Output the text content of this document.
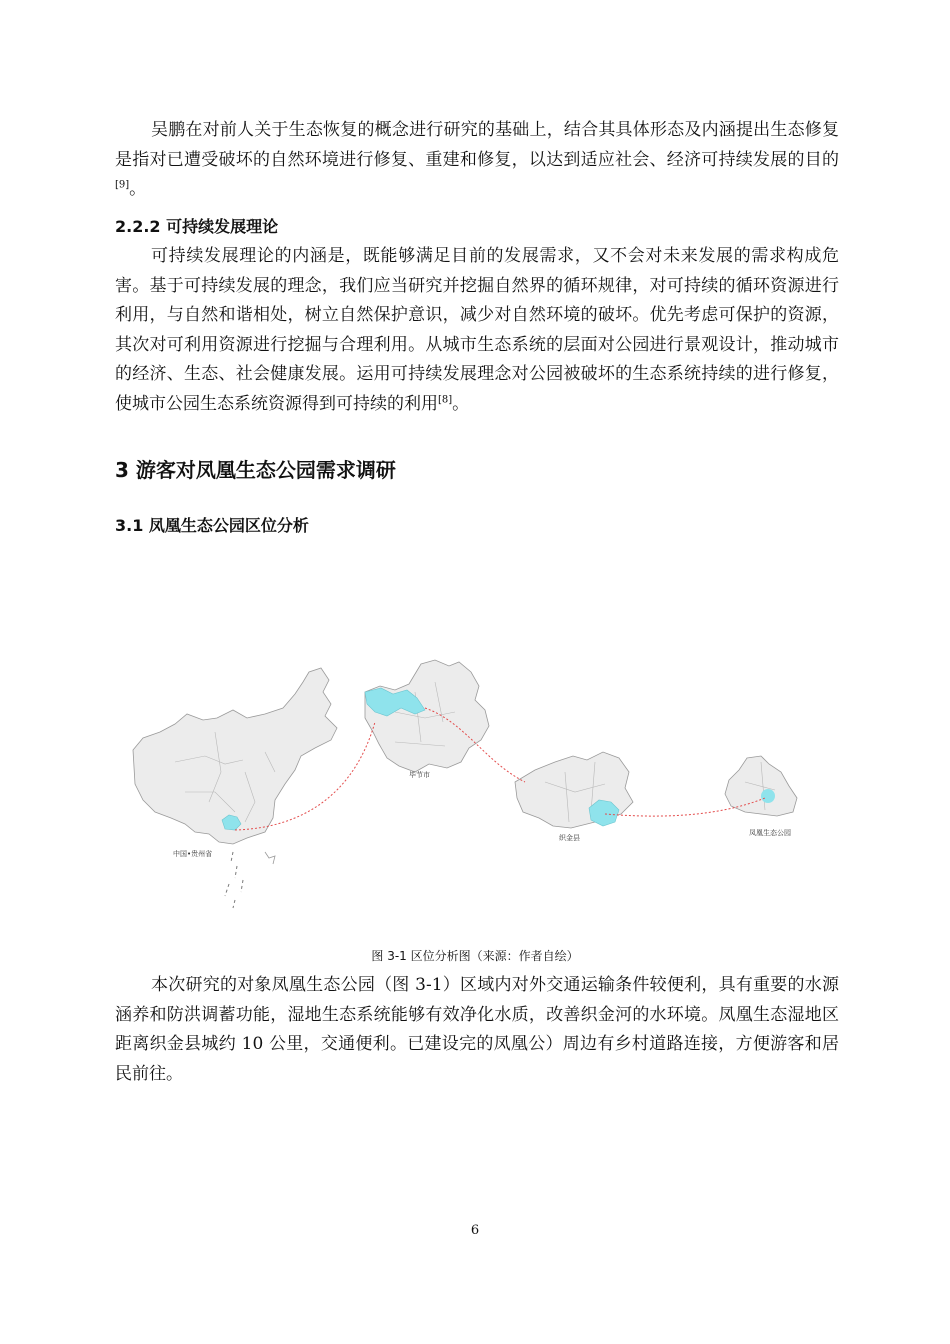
吴鹏在对前人关于生态恢复的概念进行研究的基础上，结合其具体形态及内涵提出生态修复是指对已遭受破坏的自然环境进行修复、重建和修复，以达到适应社会、经济可持续发展的目的[9]。

2.2.2 可持续发展理论

可持续发展理论的内涵是，既能够满足目前的发展需求，又不会对未来发展的需求构成危害。基于可持续发展的理念，我们应当研究并挖掘自然界的循环规律，对可持续的循环资源进行利用，与自然和谐相处，树立自然保护意识，减少对自然环境的破坏。优先考虑可保护的资源，其次对可利用资源进行挖掘与合理利用。从城市生态系统的层面对公园进行景观设计，推动城市的经济、生态、社会健康发展。运用可持续发展理念对公园被破坏的生态系统持续的进行修复，使城市公园生态系统资源得到可持续的利用[8]。

3 游客对凤凰生态公园需求调研
3.1 凤凰生态公园区位分析
中国•贵州省
毕节市
织金县
凤凰生态公园
图 3-1 区位分析图（来源：作者自绘）

本次研究的对象凤凰生态公园（图 3-1）区域内对外交通运输条件较便利，具有重要的水源涵养和防洪调蓄功能，湿地生态系统能够有效净化水质，改善织金河的水环境。凤凰生态湿地区距离织金县城约 10 公里，交通便利。已建设完的凤凰公）周边有乡村道路连接，方便游客和居民前往。

6
